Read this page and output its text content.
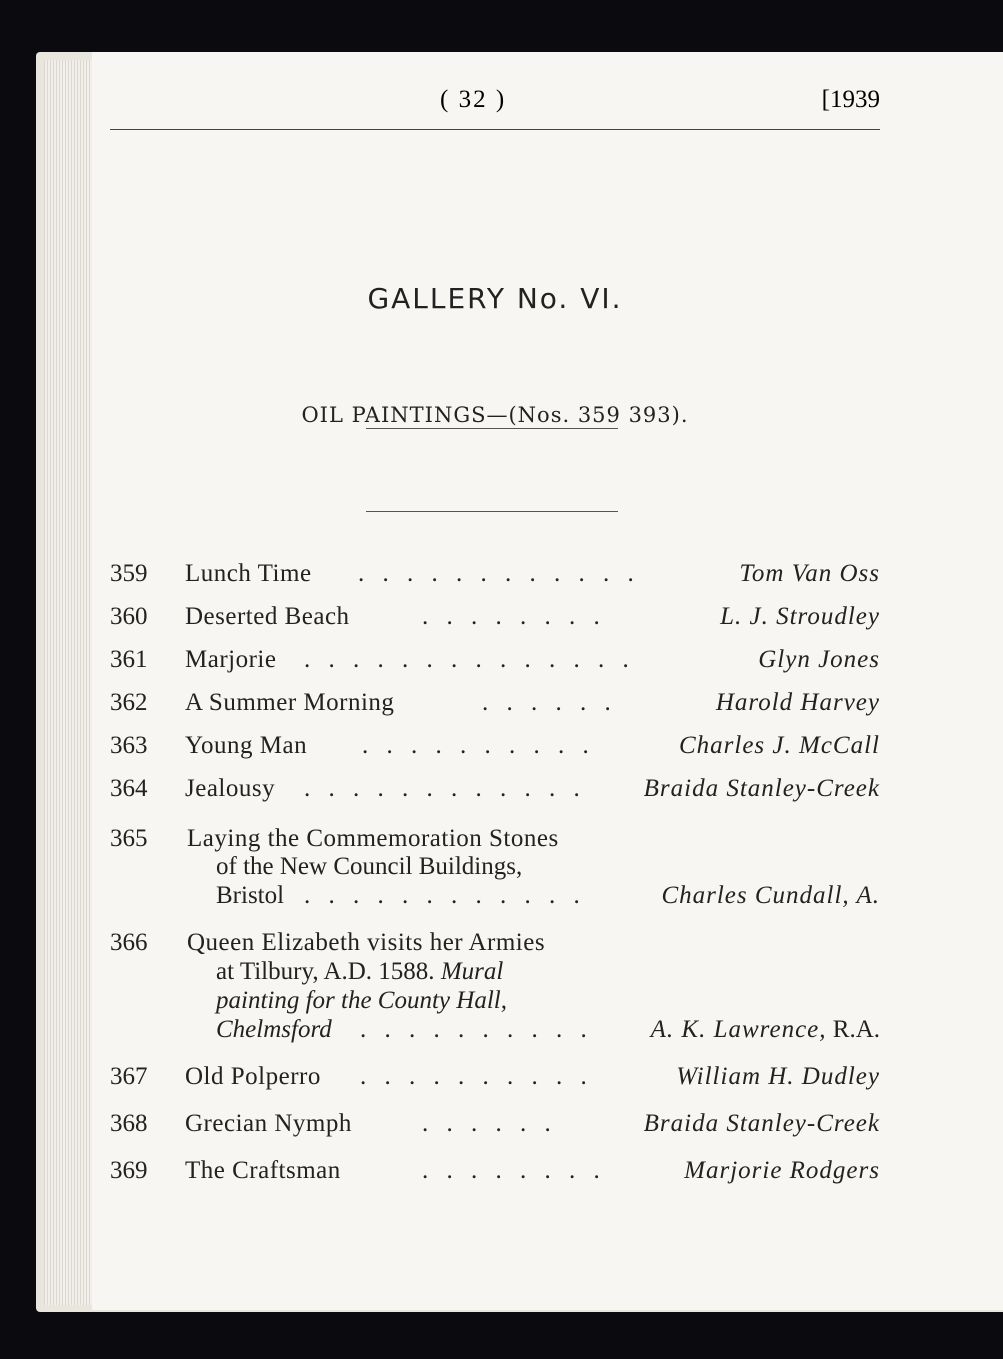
( 32 )	[1939
GALLERY No. VI.
OIL PAINTINGS—(Nos. 359 393).
359 Lunch Time . . . . . . . . . . . .	Tom Van Oss
360 Deserted Beach	. . . . . . . .	L. J. Stroudley
361 Marjorie . . . . . . . . . . . . . .	Glyn Jones
362 A Summer Morning	. . . . . .	Harold Harvey
363 Young Man . . . . . . . . . .	Charles J. McCall
364 Jealousy . . . . . . . . . . . . Braida Stanley-Creek
365 Laying the Commemoration Stones
of the New Council Buildings,
Bristol . . . . . . . . . . . .	Charles Cundall, A.
366 Queen Elizabeth visits her Armies
at Tilbury, A.D. 1588. Mural
painting for the County Hall,
Chelmsford . . . . . . . . . . A. K. Lawrence, R.A.
367 Old Polperro . . . . . . . . . .	William H. Dudley
368 Grecian Nymph	. . . . . .	Braida Stanley-Creek
369 The Craftsman	. . . . . . . .	Marjorie Rodgers
